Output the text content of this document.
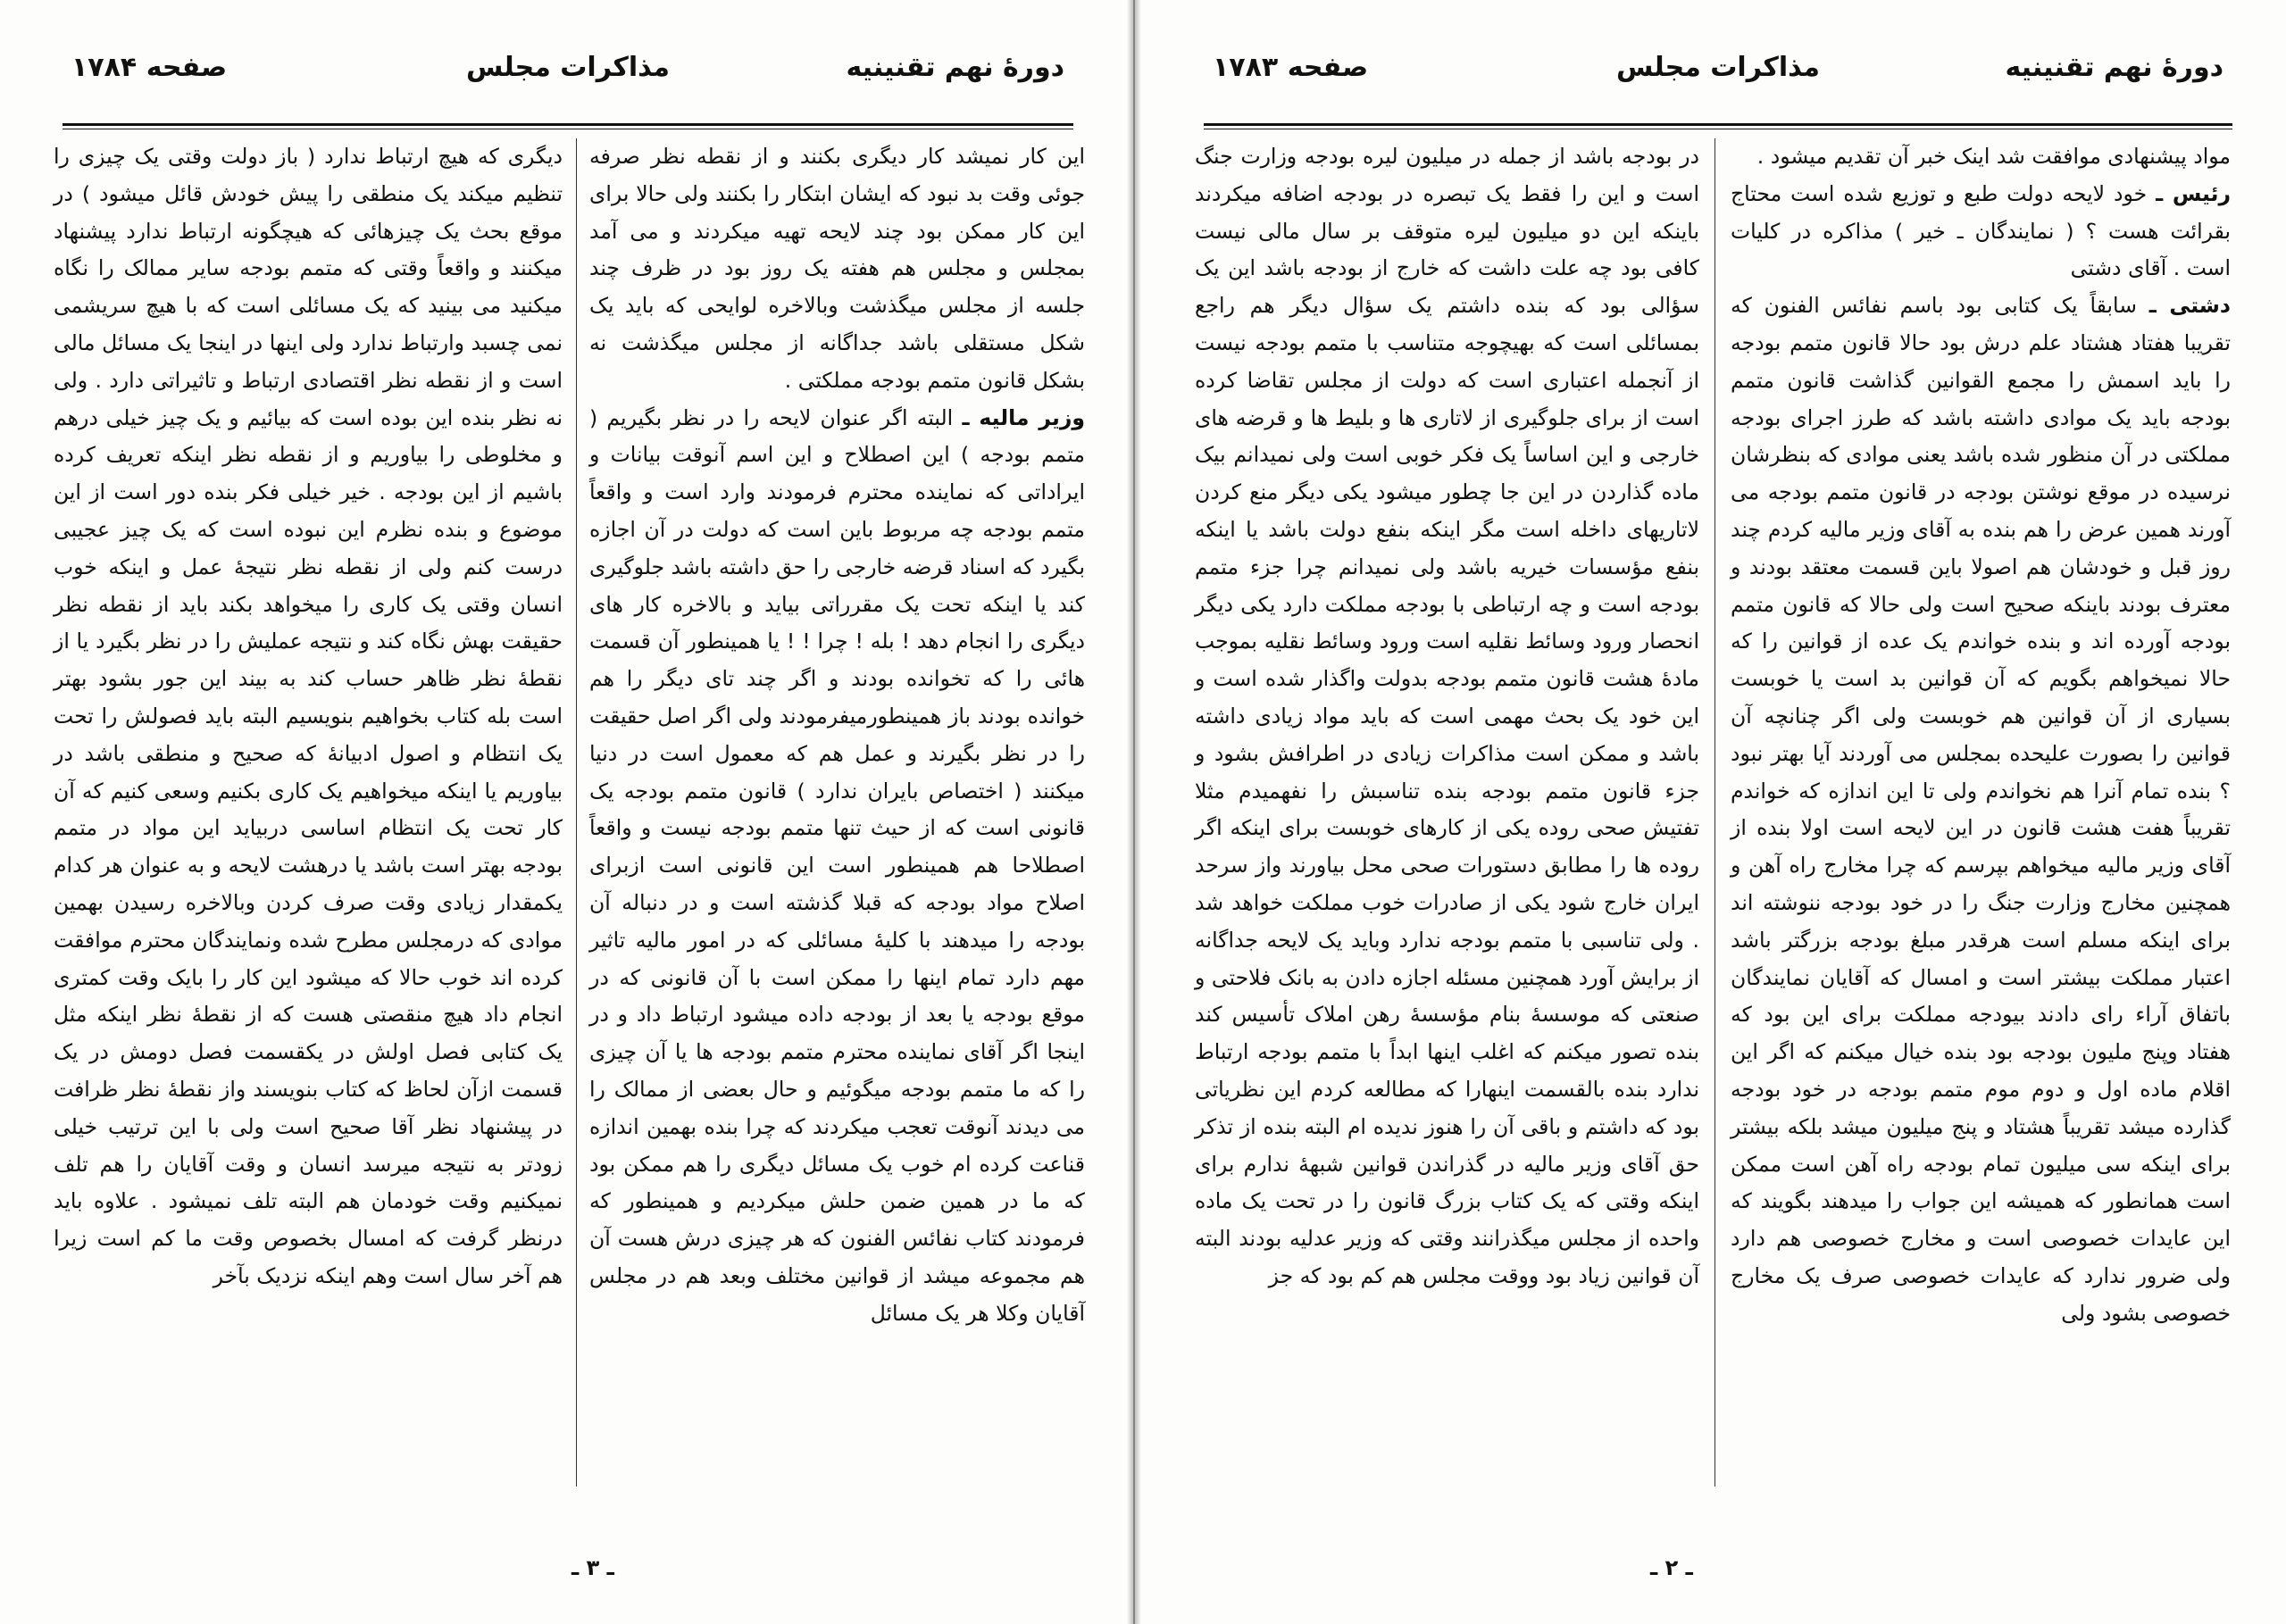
دورهٔ نهم تقنینیه
مذاکرات مجلس
صفحه ۱۷۸۴

این کار نمیشد کار دیگری بکنند و از نقطه نظر صرفه جوئی وقت بد نبود که ایشان ابتکار را بکنند ولی حالا برای این کار ممکن بود چند لایحه تهیه میکردند و می آمد بمجلس و مجلس هم هفته یک روز بود در ظرف چند جلسه از مجلس میگذشت وبالاخره لوایحی که باید یک شکل مستقلی باشد جداگانه از مجلس میگذشت نه بشکل قانون متمم بودجه مملکتی .

وزیر مالیه ـ البته اگر عنوان لایحه را در نظر بگیریم ( متمم بودجه ) این اصطلاح و این اسم آنوقت بیانات و ایراداتی که نماینده محترم فرمودند وارد است و واقعاً متمم بودجه چه مربوط باین است که دولت در آن اجازه بگیرد که اسناد قرضه خارجی را حق داشته باشد جلوگیری کند یا اینکه تحت یک مقرراتی بیاید و بالاخره کار های دیگری را انجام دهد ! بله ! چرا ! ! یا همینطور آن قسمت هائی را که تخوانده بودند و اگر چند تای دیگر را هم خوانده بودند باز همینطورمیفرمودند ولی اگر اصل حقیقت را در نظر بگیرند و عمل هم که معمول است در دنیا میکنند ( اختصاص بایران ندارد ) قانون متمم بودجه یک قانونی است که از حیث تنها متمم بودجه نیست و واقعاً اصطلاحا هم همینطور است این قانونی است ازبرای اصلاح مواد بودجه که قبلا گذشته است و در دنباله آن بودجه را میدهند با کلیهٔ مسائلی که در امور مالیه تاثیر مهم دارد تمام اینها را ممکن است با آن قانونی که در موقع بودجه یا بعد از بودجه داده میشود ارتباط داد و در اینجا اگر آقای نماینده محترم متمم بودجه ها یا آن چیزی را که ما متمم بودجه میگوئیم و حال بعضی از ممالک را می دیدند آنوقت تعجب میکردند که چرا بنده بهمین اندازه قناعت کرده ام خوب یک مسائل دیگری را هم ممکن بود که ما در همین ضمن حلش میکردیم و همینطور که فرمودند کتاب نفائس الفنون که هر چیزی درش هست آن هم مجموعه میشد از قوانین مختلف وبعد هم در مجلس آقایان وکلا هر یک مسائل

دیگری که هیچ ارتباط ندارد ( باز دولت وقتی یک چیزی را تنظیم میکند یک منطقی را پیش خودش قائل میشود ) در موقع بحث یک چیزهائی که هیچگونه ارتباط ندارد پیشنهاد میکنند و واقعاً وقتی که متمم بودجه سایر ممالک را نگاه میکنید می بینید که یک مسائلی است که با هیچ سریشمی نمی چسبد وارتباط ندارد ولی اینها در اینجا یک مسائل مالی است و از نقطه نظر اقتصادی ارتباط و تاثیراتی دارد . ولی نه نظر بنده این بوده است که بیائیم و یک چیز خیلی درهم و مخلوطی را بیاوریم و از نقطه نظر اینکه تعریف کرده باشیم از این بودجه . خیر خیلی فکر بنده دور است از این موضوع و بنده نظرم این نبوده است که یک چیز عجیبی درست کنم ولی از نقطه نظر نتیجهٔ عمل و اینکه خوب انسان وقتی یک کاری را میخواهد بکند باید از نقطه نظر حقیقت بهش نگاه کند و نتیجه عملیش را در نظر بگیرد یا از نقطهٔ نظر ظاهر حساب کند به بیند این جور بشود بهتر است بله کتاب بخواهیم بنویسیم البته باید فصولش را تحت یک انتظام و اصول ادبیانهٔ که صحیح و منطقی باشد در بیاوریم یا اینکه میخواهیم یک کاری بکنیم وسعی کنیم که آن کار تحت یک انتظام اساسی دربیاید این مواد در متمم بودجه بهتر است باشد یا درهشت لایحه و به عنوان هر کدام یکمقدار زیادی وقت صرف کردن وبالاخره رسیدن بهمین موادی که درمجلس مطرح شده ونمایندگان محترم موافقت کرده اند خوب حالا که میشود این کار را بایک وقت کمتری انجام داد هیچ منقصتی هست که از نقطهٔ نظر اینکه مثل یک کتابی فصل اولش در یکقسمت فصل دومش در یک قسمت ازآن لحاظ که کتاب بنویسند واز نقطهٔ نظر ظرافت در پیشنهاد نظر آقا صحیح است ولی با این ترتیب خیلی زودتر به نتیجه میرسد انسان و وقت آقایان را هم تلف نمیکنیم وقت خودمان هم البته تلف نمیشود . علاوه باید درنظر گرفت که امسال بخصوص وقت ما کم است زیرا هم آخر سال است وهم اینکه نزدیک بآخر

ـ ۳ ـ
دورهٔ نهم تقنینیه
مذاکرات مجلس
صفحه ۱۷۸۳

مواد پیشنهادی موافقت شد اینک خبر آن تقدیم میشود .

رئیس ـ خود لایحه دولت طبع و توزیع شده است محتاج بقرائت هست ؟ ( نمایندگان ـ خیر ) مذاکره در کلیات است . آقای دشتی

دشتی ـ سابقاً یک کتابی بود باسم نفائس الفنون که تقریبا هفتاد هشتاد علم درش بود حالا قانون متمم بودجه را باید اسمش را مجمع القوانین گذاشت قانون متمم بودجه باید یک موادی داشته باشد که طرز اجرای بودجه مملکتی در آن منظور شده باشد یعنی موادی که بنظرشان نرسیده در موقع نوشتن بودجه در قانون متمم بودجه می آورند همین عرض را هم بنده به آقای وزیر مالیه کردم چند روز قبل و خودشان هم اصولا باین قسمت معتقد بودند و معترف بودند باینکه صحیح است ولی حالا که قانون متمم بودجه آورده اند و بنده خواندم یک عده از قوانین را که حالا نمیخواهم بگویم که آن قوانین بد است یا خوبست بسیاری از آن قوانین هم خوبست ولی اگر چنانچه آن قوانین را بصورت علیحده بمجلس می آوردند آیا بهتر نبود ؟ بنده تمام آنرا هم نخواندم ولی تا این اندازه که خواندم تقریباً هفت هشت قانون در این لایحه است اولا بنده از آقای وزیر مالیه میخواهم بپرسم که چرا مخارج راه آهن و همچنین مخارج وزارت جنگ را در خود بودجه ننوشته اند برای اینکه مسلم است هرقدر مبلغ بودجه بزرگتر باشد اعتبار مملکت بیشتر است و امسال که آقایان نمایندگان باتفاق آراء رای دادند بیودجه مملکت برای این بود که هفتاد وپنج ملیون بودجه بود بنده خیال میکنم که اگر این اقلام ماده اول و دوم موم متمم بودجه در خود بودجه گذارده میشد تقریباً هشتاد و پنج میلیون میشد بلکه بیشتر برای اینکه سی میلیون تمام بودجه راه آهن است ممکن است همانطور که همیشه این جواب را میدهند بگویند که این عایدات خصوصی است و مخارج خصوصی هم دارد ولی ضرور ندارد که عایدات خصوصی صرف یک مخارج خصوصی بشود ولی

در بودجه باشد از جمله در میلیون لیره بودجه وزارت جنگ است و این را فقط یک تبصره در بودجه اضافه میکردند باینکه این دو میلیون لیره متوقف بر سال مالی نیست کافی بود چه علت داشت که خارج از بودجه باشد این یک سؤالی بود که بنده داشتم یک سؤال دیگر هم راجع بمسائلی است که بهیچوجه متناسب با متمم بودجه نیست از آنجمله اعتباری است که دولت از مجلس تقاضا کرده است از برای جلوگیری از لاتاری ها و بلیط ها و قرضه های خارجی و این اساساً یک فکر خوبی است ولی نمیدانم بیک ماده گذاردن در این جا چطور میشود یکی دیگر منع کردن لاتاریهای داخله است مگر اینکه بنفع دولت باشد یا اینکه بنفع مؤسسات خیریه باشد ولی نمیدانم چرا جزء متمم بودجه است و چه ارتباطی با بودجه مملکت دارد یکی دیگر انحصار ورود وسائط نقلیه است ورود وسائط نقلیه بموجب مادهٔ هشت قانون متمم بودجه بدولت واگذار شده است و این خود یک بحث مهمی است که باید مواد زیادی داشته باشد و ممکن است مذاکرات زیادی در اطرافش بشود و جزء قانون متمم بودجه بنده تناسبش را نفهمیدم مثلا تفتیش صحی روده یکی از کارهای خوبست برای اینکه اگر روده ها را مطابق دستورات صحی محل بیاورند واز سرحد ایران خارج شود یکی از صادرات خوب مملکت خواهد شد . ولی تناسبی با متمم بودجه ندارد وباید یک لایحه جداگانه از برایش آورد همچنین مسئله اجازه دادن به بانک فلاحتی و صنعتی که موسسهٔ بنام مؤسسهٔ رهن املاک تأسیس کند بنده تصور میکنم که اغلب اینها ابداً با متمم بودجه ارتباط ندارد بنده بالقسمت اینهارا که مطالعه کردم این نظریاتی بود که داشتم و باقی آن را هنوز ندیده ام البته بنده از تذکر حق آقای وزیر مالیه در گذراندن قوانین شبههٔ ندارم برای اینکه وقتی که یک کتاب بزرگ قانون را در تحت یک ماده واحده از مجلس میگذرانند وقتی که وزیر عدلیه بودند البته آن قوانین زیاد بود ووقت مجلس هم کم بود که جز

ـ ۲ ـ
